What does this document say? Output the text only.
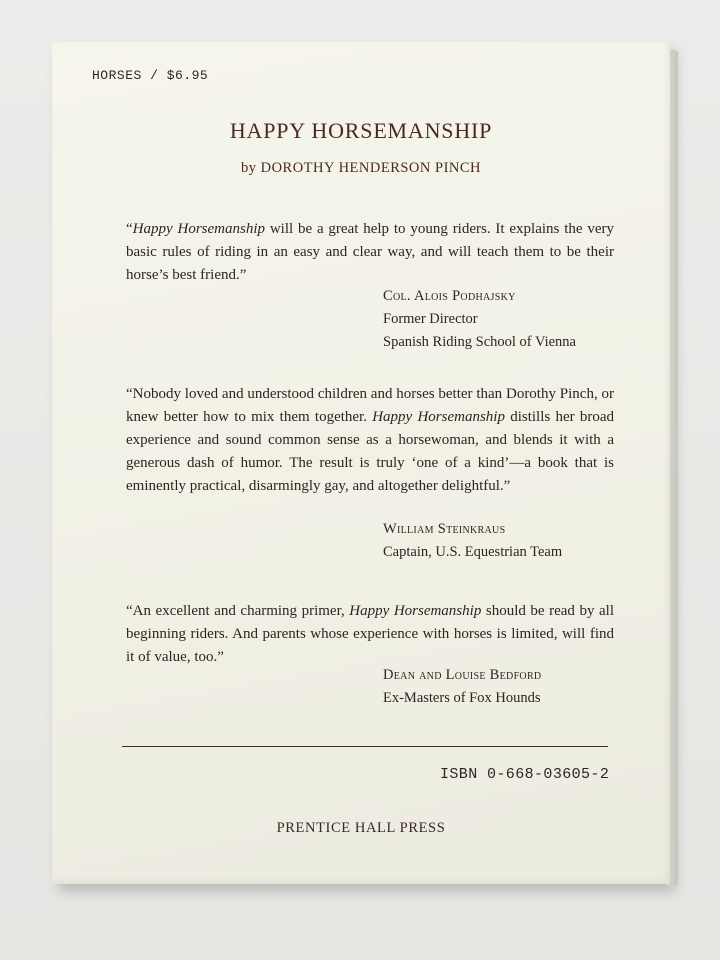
HORSES / $6.95
HAPPY HORSEMANSHIP
by DOROTHY HENDERSON PINCH
“Happy Horsemanship will be a great help to young riders. It explains the very basic rules of riding in an easy and clear way, and will teach them to be their horse’s best friend.”
Col. Alois Podhajsky
Former Director
Spanish Riding School of Vienna
“Nobody loved and understood children and horses better than Dorothy Pinch, or knew better how to mix them together. Happy Horsemanship distills her broad experience and sound common sense as a horsewoman, and blends it with a generous dash of humor. The result is truly ‘one of a kind’—a book that is eminently practical, disarmingly gay, and altogether delightful.”
William Steinkraus
Captain, U.S. Equestrian Team
“An excellent and charming primer, Happy Horsemanship should be read by all beginning riders. And parents whose experience with horses is limited, will find it of value, too.”
Dean and Louise Bedford
Ex-Masters of Fox Hounds
ISBN 0-668-03605-2
PRENTICE HALL PRESS
